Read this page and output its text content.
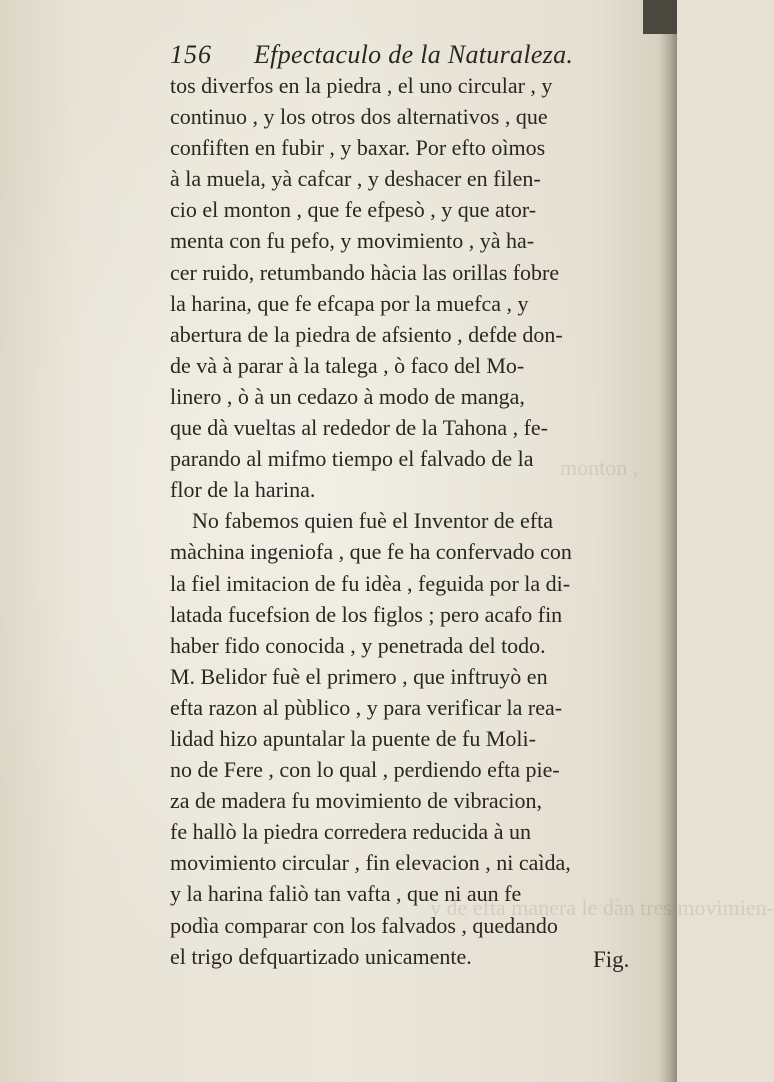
monton ,
y de efta manera le dàn tres movimien-
156 Efpectaculo de la Naturaleza.
tos diverfos en la piedra , el uno circular , y
continuo , y los otros dos alternativos , que
confiften en fubir , y baxar. Por efto oìmos
à la muela, yà cafcar , y deshacer en filen-
cio el monton , que fe efpesò , y que ator-
menta con fu pefo, y movimiento , yà ha-
cer ruido, retumbando hàcia las orillas fobre
la harina, que fe efcapa por la muefca , y
abertura de la piedra de afsiento , defde don-
de và à parar à la talega , ò faco del Mo-
linero , ò à un cedazo à modo de manga,
que dà vueltas al rededor de la Tahona , fe-
parando al mifmo tiempo el falvado de la
flor de la harina.
No fabemos quien fuè el Inventor de efta
màchina ingeniofa , que fe ha confervado con
la fiel imitacion de fu idèa , feguida por la di-
latada fucefsion de los figlos ; pero acafo fin
haber fido conocida , y penetrada del todo.
M. Belidor fuè el primero , que inftruyò en
efta razon al pùblico , y para verificar la rea-
lidad hizo apuntalar la puente de fu Moli-
no de Fere , con lo qual , perdiendo efta pie-
za de madera fu movimiento de vibracion,
fe hallò la piedra corredera reducida à un
movimiento circular , fin elevacion , ni caìda,
y la harina faliò tan vafta , que ni aun fe
podìa comparar con los falvados , quedando
el trigo defquartizado unicamente.	Fig.
